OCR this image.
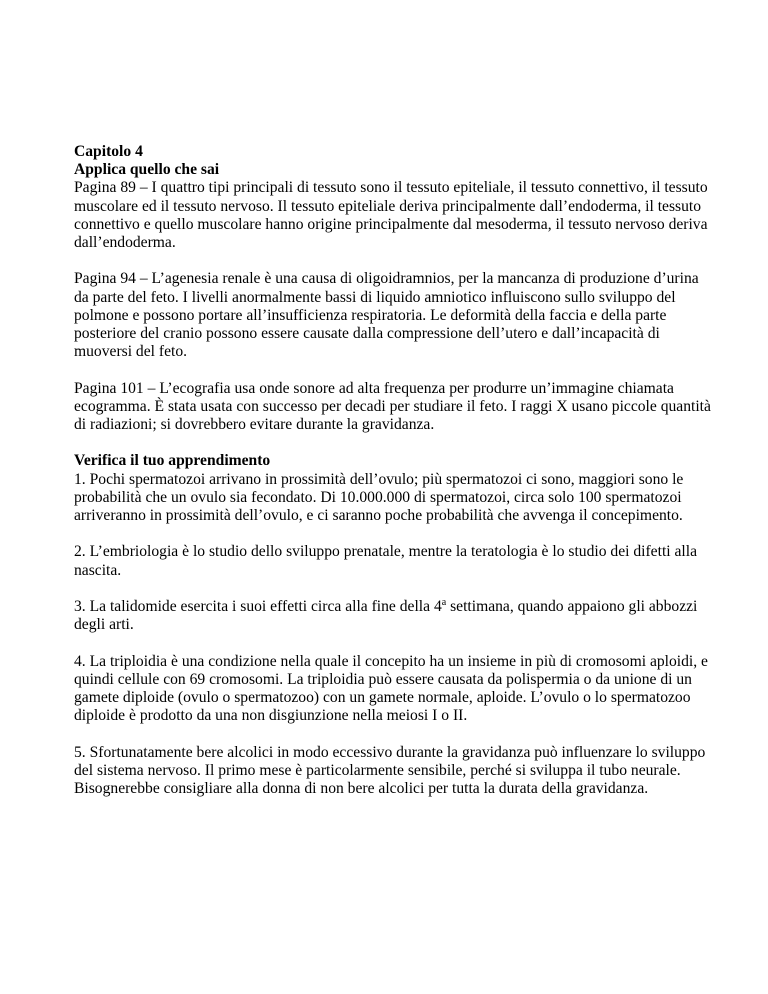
Capitolo 4

Applica quello che sai

Pagina 89 – I quattro tipi principali di tessuto sono il tessuto epiteliale, il tessuto connettivo, il tessuto muscolare ed il tessuto nervoso. Il tessuto epiteliale deriva principalmente dall’endoderma, il tessuto connettivo e quello muscolare hanno origine principalmente dal mesoderma, il tessuto nervoso deriva dall’endoderma.

Pagina 94 – L’agenesia renale è una causa di oligoidramnios, per la mancanza di produzione d’urina da parte del feto. I livelli anormalmente bassi di liquido amniotico influiscono sullo sviluppo del polmone e possono portare all’insufficienza respiratoria. Le deformità della faccia e della parte posteriore del cranio possono essere causate dalla compressione dell’utero e dall’incapacità di muoversi del feto.

Pagina 101 – L’ecografia usa onde sonore ad alta frequenza per produrre un’immagine chiamata ecogramma. È stata usata con successo per decadi per studiare il feto. I raggi X usano piccole quantità di radiazioni; si dovrebbero evitare durante la gravidanza.

Verifica il tuo apprendimento

1. Pochi spermatozoi arrivano in prossimità dell’ovulo; più spermatozoi ci sono, maggiori sono le probabilità che un ovulo sia fecondato. Di 10.000.000 di spermatozoi, circa solo 100 spermatozoi arriveranno in prossimità dell’ovulo, e ci saranno poche probabilità che avvenga il concepimento.

2. L’embriologia è lo studio dello sviluppo prenatale, mentre la teratologia è lo studio dei difetti alla nascita.

3. La talidomide esercita i suoi effetti circa alla fine della 4$^a$ settimana, quando appaiono gli abbozzi degli arti.

4. La triploidia è una condizione nella quale il concepito ha un insieme in più di cromosomi aploidi, e quindi cellule con 69 cromosomi. La triploidia può essere causata da polispermia o da unione di un gamete diploide (ovulo o spermatozoo) con un gamete normale, aploide. L’ovulo o lo spermatozoo diploide è prodotto da una non disgiunzione nella meiosi I o II.

5. Sfortunatamente bere alcolici in modo eccessivo durante la gravidanza può influenzare lo sviluppo del sistema nervoso. Il primo mese è particolarmente sensibile, perché si sviluppa il tubo neurale. Bisognerebbe consigliare alla donna di non bere alcolici per tutta la durata della gravidanza.
